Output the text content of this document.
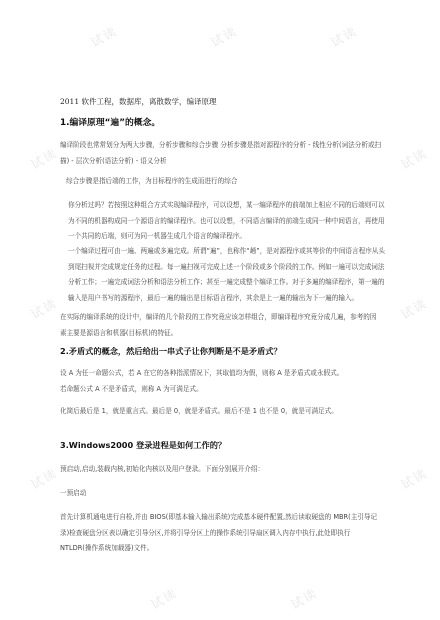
试读	试读	试读
试读	试读
试读	试读
试读	试读
试读	试读

2011 软件工程，数据库，离散数学，编译原理

1.编译原理“遍”的概念。

编译阶段也常常划分为两大步骤，分析步骤和综合步骤 分析步骤是指对源程序的分析 - 线性分析(词法分析或扫描) - 层次分析(语法分析) - 语义分析

综合步骤是指后端的工作，为目标程序的生成而进行的综合

你分析过吗？若按照这种组合方式实现编译程序，可以设想，某一编译程序的前端加上相应不同的后端则可以为不同的机器构成同一个源语言的编译程序。也可以设想，不同语言编译的前端生成同一种中间语言，再使用一个共同的后端，则可为同一机器生成几个语言的编译程序。

一个编译过程可由一遍、两遍或多遍完成。所谓“遍”，也称作“趟”，是对源程序或其等价的中间语言程序从头到尾扫视并完成规定任务的过程。每一遍扫视可完成上述一个阶段或多个阶段的工作。例如一遍可以完成词法分析工作；一遍完成词法分析和语法分析工作；甚至一遍完成整个编译工作。对于多遍的编译程序，第一遍的输入是用户书写的源程序，最后一遍的输出是目标语言程序，其余是上一遍的输出为下一遍的输入。

在实际的编译系统的设计中，编译的几个阶段的工作究竟应该怎样组合，即编译程序究竟分成几遍，参考的因素主要是源语言和机器(目标机)的特征。

2.矛盾式的概念，然后给出一串式子让你判断是不是矛盾式？

设 A 为任一命题公式，若 A 在它的各种指派情况下，其取值均为假，则称 A 是矛盾式或永假式。

若命题公式 A 不是矛盾式，则称 A 为可满足式。

化简后最后是 1，就是重言式。最后是 0，就是矛盾式。最后不是 1 也不是 0，就是可满足式。

3.Windows2000 登录进程是如何工作的？

预启动,启动,装载内核,初始化内核以及用户登录。下面分别展开介绍：

一预启动

首先计算机通电进行自检,并由 BIOS(即基本输入输出系统)完成基本硬件配置,然后读取硬盘的 MBR(主引导记录)检查硬盘分区表以确定引导分区,并将引导分区上的操作系统引导扇区调入内存中执行,此处即执行 NTLDR(操作系统加载器)文件。
